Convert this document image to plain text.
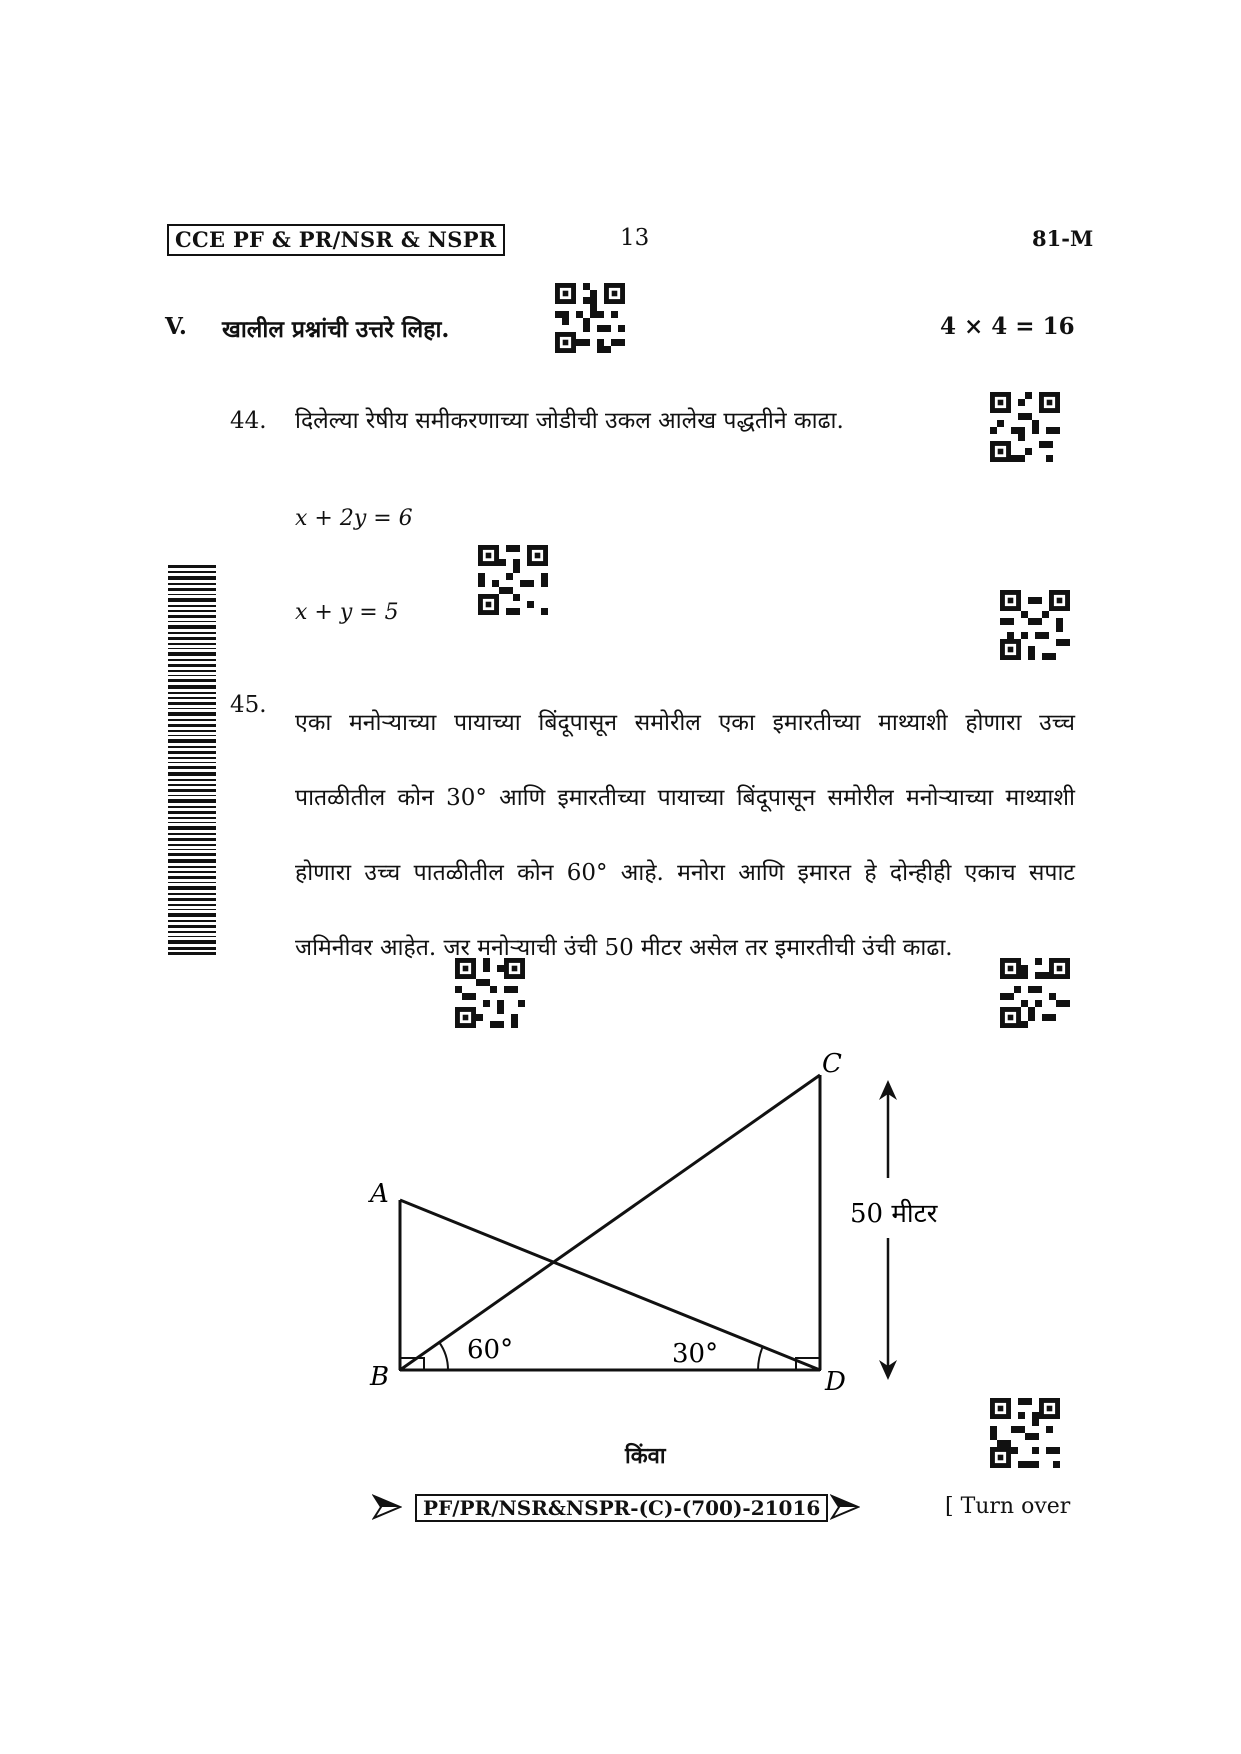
CCE PF & PR/NSR & NSPR	13	81-M
V. खालील प्रश्नांची उत्तरे लिहा.	4 × 4 = 16
44. दिलेल्या रेषीय समीकरणाच्या जोडीची उकल आलेख पद्धतीने काढा.
x + 2y = 6
x + y = 5
45.
एका मनोऱ्याच्या पायाच्या बिंदूपासून समोरील एका इमारतीच्या माथ्याशी होणारा उच्च पातळीतील कोन 30° आणि इमारतीच्या पायाच्या बिंदूपासून समोरील मनोऱ्याच्या माथ्याशी होणारा उच्च पातळीतील कोन 60° आहे. मनोरा आणि इमारत हे दोन्हीही एकाच सपाट जमिनीवर आहेत. जर मनोऱ्याची उंची 50 मीटर असेल तर इमारतीची उंची काढा.
A
B
C
D
60°	30°
50 मीटर
किंवा
PF/PR/NSR&NSPR-(C)-(700)-21016	[ Turn over
